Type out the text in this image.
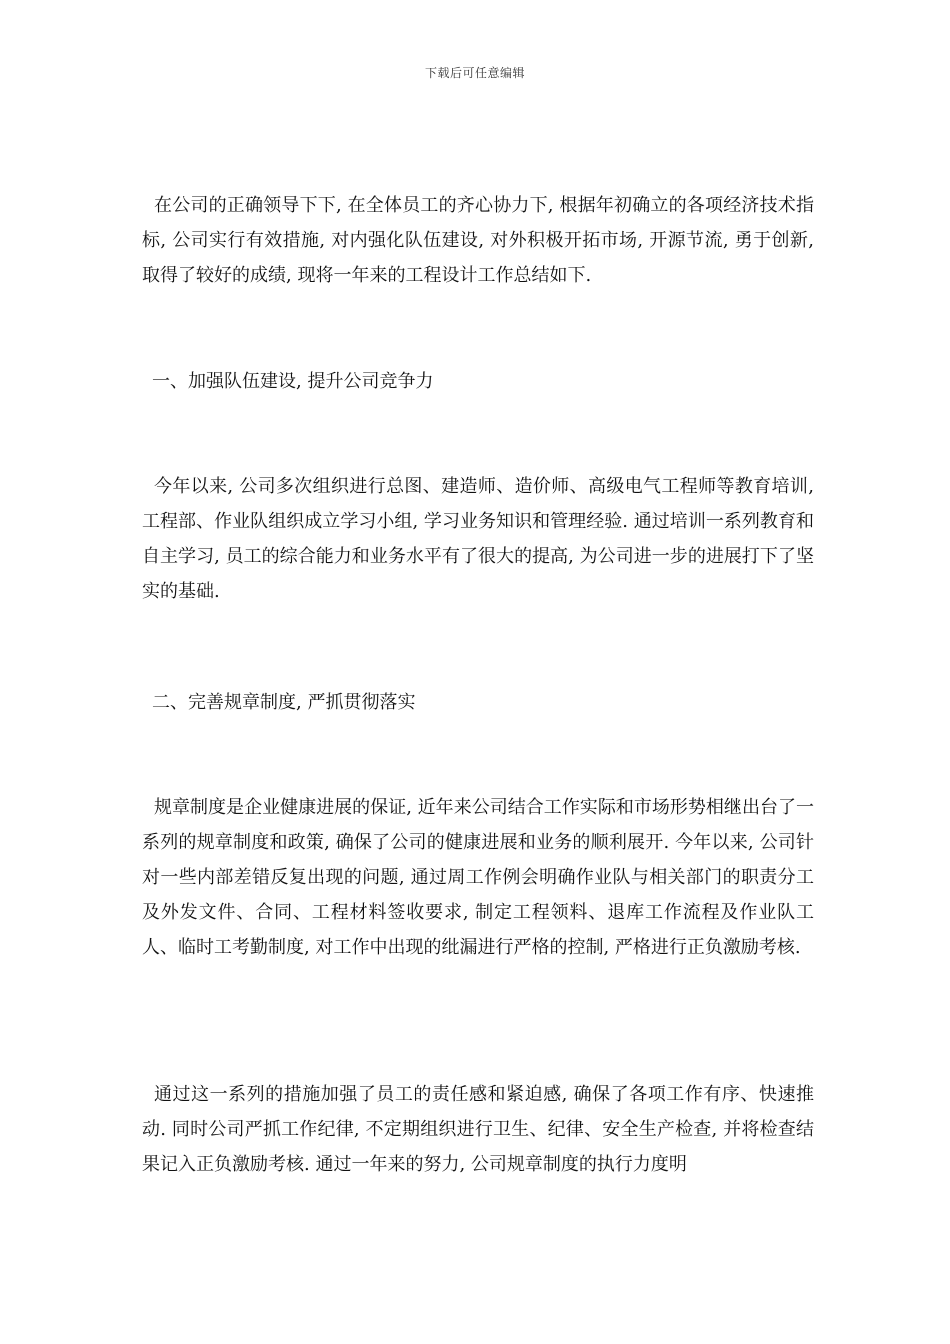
下载后可任意编辑

在公司的正确领导下下, 在全体员工的齐心协力下, 根据年初确立的各项经济技术指标, 公司实行有效措施, 对内强化队伍建设, 对外积极开拓市场, 开源节流, 勇于创新, 取得了较好的成绩, 现将一年来的工程设计工作总结如下.

一、加强队伍建设, 提升公司竞争力

今年以来, 公司多次组织进行总图、建造师、造价师、高级电气工程师等教育培训, 工程部、作业队组织成立学习小组, 学习业务知识和管理经验. 通过培训一系列教育和自主学习, 员工的综合能力和业务水平有了很大的提高, 为公司进一步的进展打下了坚实的基础.

二、完善规章制度, 严抓贯彻落实

规章制度是企业健康进展的保证, 近年来公司结合工作实际和市场形势相继出台了一系列的规章制度和政策, 确保了公司的健康进展和业务的顺利展开. 今年以来, 公司针对一些内部差错反复出现的问题, 通过周工作例会明确作业队与相关部门的职责分工及外发文件、合同、工程材料签收要求, 制定工程领料、退库工作流程及作业队工人、临时工考勤制度, 对工作中出现的纰漏进行严格的控制, 严格进行正负激励考核.

通过这一系列的措施加强了员工的责任感和紧迫感, 确保了各项工作有序、快速推动. 同时公司严抓工作纪律, 不定期组织进行卫生、纪律、安全生产检查, 并将检查结果记入正负激励考核. 通过一年来的努力, 公司规章制度的执行力度明
